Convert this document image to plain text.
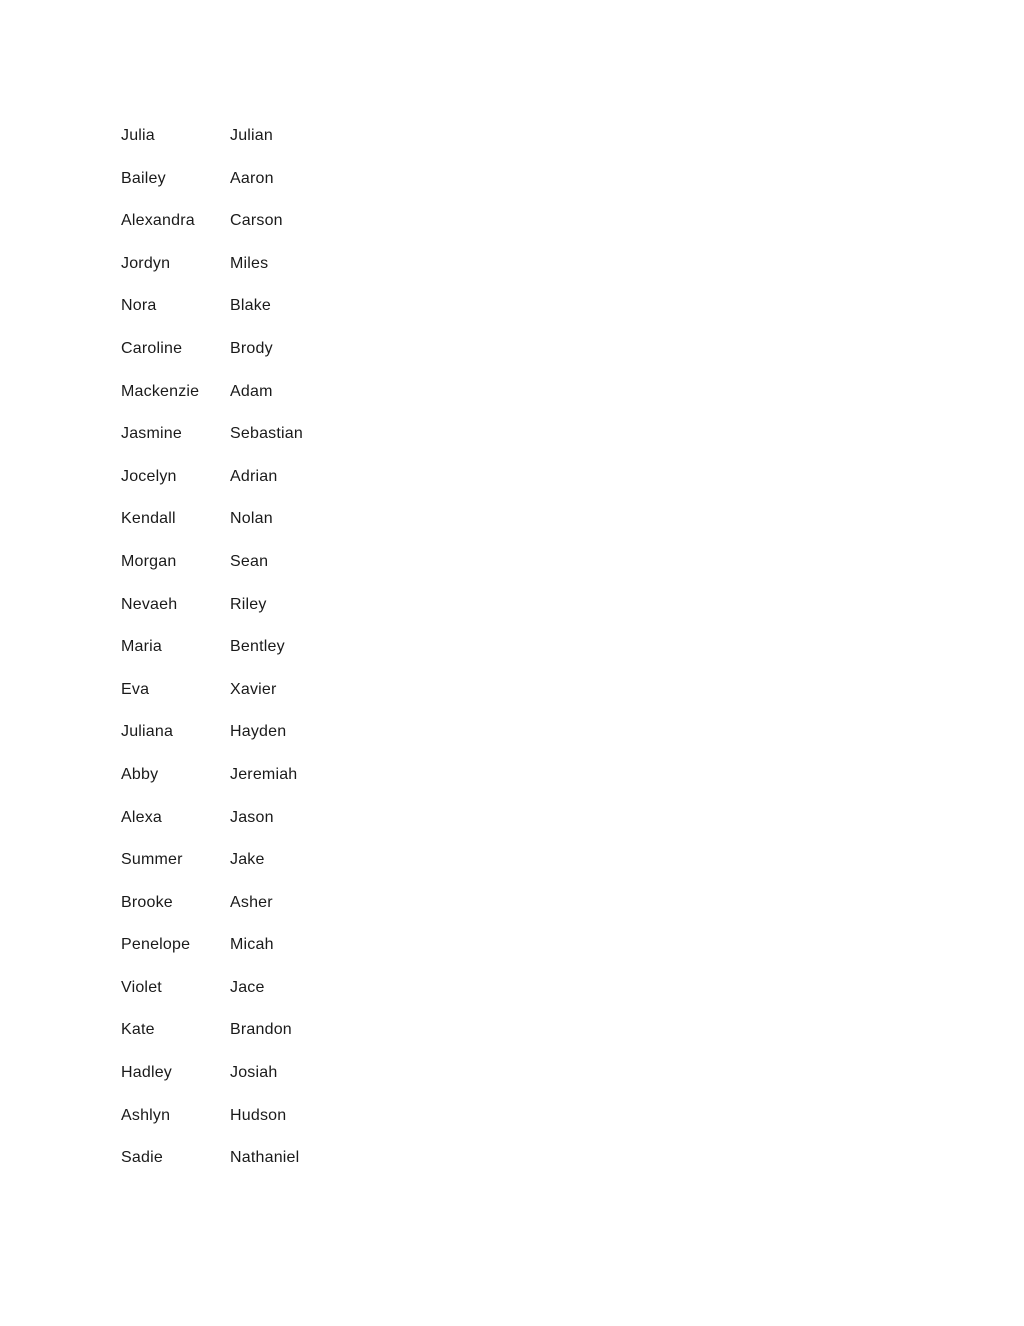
Julia	Julian
Bailey	Aaron
Alexandra	Carson
Jordyn	Miles
Nora	Blake
Caroline	Brody
Mackenzie	Adam
Jasmine	Sebastian
Jocelyn	Adrian
Kendall	Nolan
Morgan	Sean
Nevaeh	Riley
Maria	Bentley
Eva	Xavier
Juliana	Hayden
Abby	Jeremiah
Alexa	Jason
Summer	Jake
Brooke	Asher
Penelope	Micah
Violet	Jace
Kate	Brandon
Hadley	Josiah
Ashlyn	Hudson
Sadie	Nathaniel
